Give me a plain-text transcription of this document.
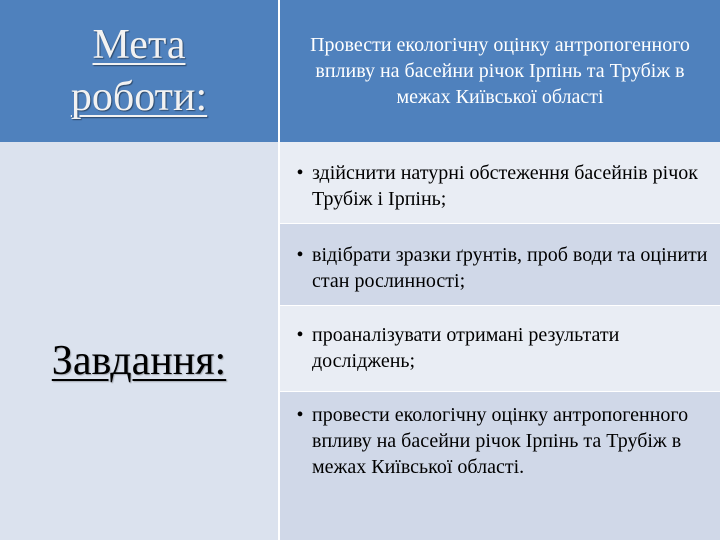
Мета
роботи:

Провести екологічну оцінку антропогенного впливу на басейни річок Ірпінь та Трубіж в межах Київської області

Завдання:
• здійснити натурні обстеження басейнів річок Трубіж і Ірпінь;
• відібрати зразки ґрунтів, проб води та оцінити стан рослинності;
• проаналізувати отримані результати досліджень;
• провести екологічну оцінку антропогенного впливу на басейни річок Ірпінь та Трубіж в межах Київської області.
